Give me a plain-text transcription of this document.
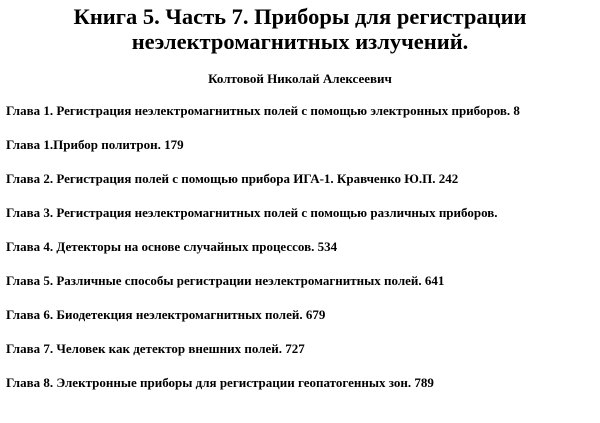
Книга 5. Часть 7. Приборы для регистрации
неэлектромагнитных излучений.
Колтовой Николай Алексеевич
Глава 1. Регистрация неэлектромагнитных полей с помощью электронных приборов. 8
Глава 1.Прибор политрон. 179
Глава 2. Регистрация полей с помощью прибора ИГА-1. Кравченко Ю.П. 242
Глава 3. Регистрация неэлектромагнитных полей с помощью различных приборов.
Глава 4. Детекторы на основе случайных процессов. 534
Глава 5. Различные способы регистрации неэлектромагнитных полей. 641
Глава 6. Биодетекция неэлектромагнитных полей. 679
Глава 7. Человек как детектор внешних полей. 727
Глава 8. Электронные приборы для регистрации геопатогенных зон. 789
